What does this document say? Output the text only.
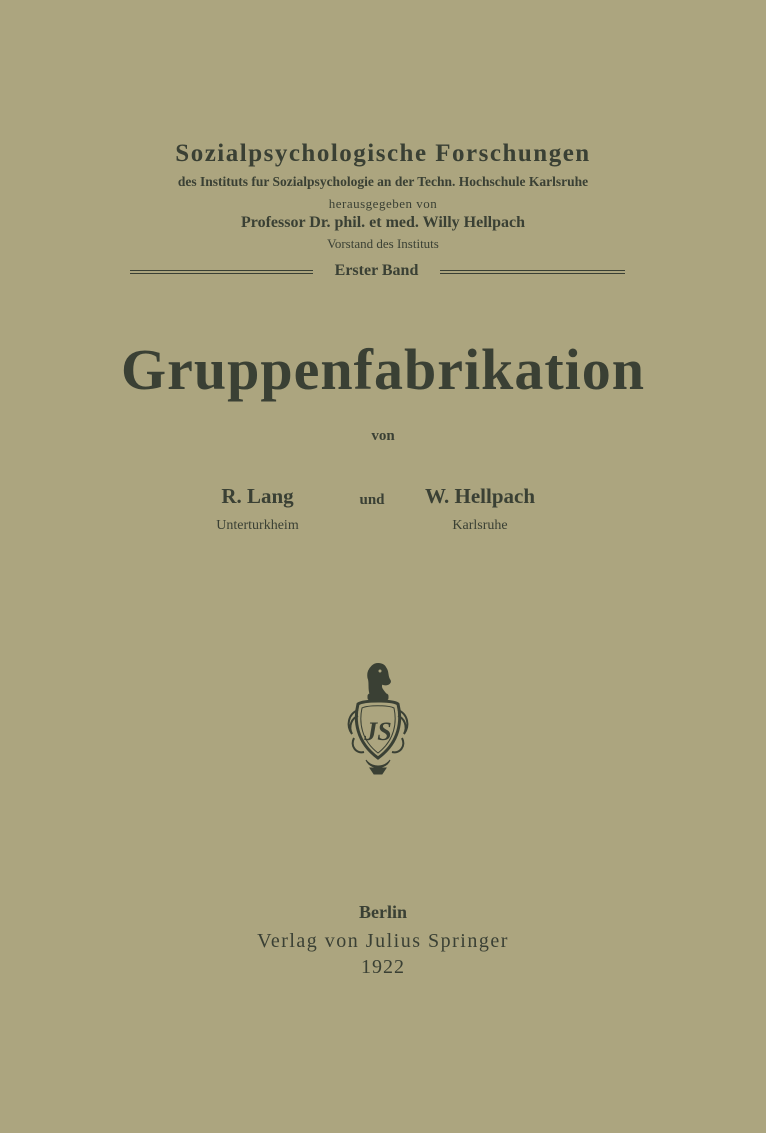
Sozialpsychologische Forschungen
des Instituts fur Sozialpsychologie an der Techn. Hochschule Karlsruhe
herausgegeben von
Professor Dr. phil. et med. Willy Hellpach
Vorstand des Instituts
Erster Band
Gruppenfabrikation
von
R. Lang
Unterturkheim
und	W. Hellpach
Karlsruhe
JS
Berlin
Verlag von Julius Springer
1922
